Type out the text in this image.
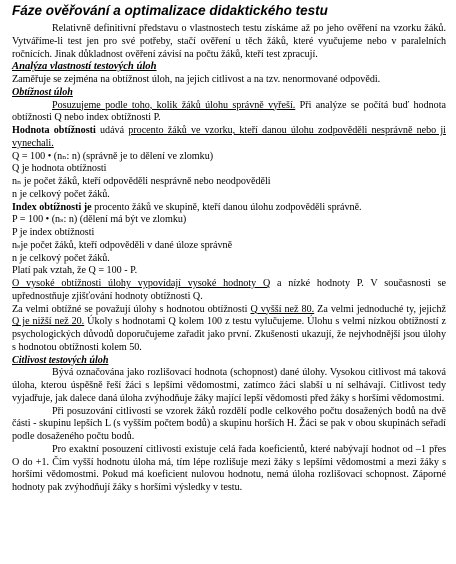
Fáze ověřování a optimalizace didaktického testu

Relativně definitivní představu o vlastnostech testu získáme až po jeho ověření na vzorku žáků. Vytváříme-li test jen pro své potřeby, stačí ověření u těch žáků, které vyučujeme nebo v paralelních ročnících. Jinak důkladnost ověření závisí na počtu žáků, kteří test zpracují.

Analýza vlastností testových úloh

Zaměřuje se zejména na obtížnost úloh, na jejich citlivost a na tzv. nenormované odpovědi.

Obtížnost úloh

Posuzujeme podle toho, kolik žáků úlohu správně vyřeší. Při analýze se počítá buď hodnota obtížnosti Q nebo index obtížnosti P.

Hodnota obtížnosti udává procento žáků ve vzorku, kteří danou úlohu zodpověděli nesprávně nebo ji vynechali.

Q = 100 • (nₙ: n) (správně je to dělení ve zlomku)

Q je hodnota obtížnosti

nₙ je počet žáků, kteří odpověděli nesprávně nebo neodpověděli

n je celkový počet žáků.

Index obtížnosti je procento žáků ve skupině, kteří danou úlohu zodpověděli správně.

P = 100 • (nₛ: n) (dělení má být ve zlomku)

P je index obtížnosti

nₛje počet žáků, kteří odpověděli v dané úloze správně

n je celkový počet žáků.

Platí pak vztah, že Q = 100 - P.

O vysoké obtížnosti úlohy vypovídají vysoké hodnoty Q a nízké hodnoty P. V současnosti se upřednostňuje zjišťování hodnoty obtížnosti Q.

Za velmi obtížné se považují úlohy s hodnotou obtížnosti Q vyšší než 80. Za velmi jednoduché ty, jejichž Q je nižší než 20. Úkoly s hodnotami Q kolem 100 z testu vylučujeme. Úlohu s velmi nízkou obtížností z psychologických důvodů doporučujeme zařadit jako první. Zkušenosti ukazují, že nejvhodnější jsou úlohy s hodnotou obtížnosti kolem 50.

Citlivost testových úloh

Bývá označována jako rozlišovací hodnota (schopnost) dané úlohy. Vysokou citlivost má taková úloha, kterou úspěšně řeší žáci s lepšími vědomostmi, zatímco žáci slabší u ní selhávají. Citlivost tedy vyjadřuje, jak dalece daná úloha zvýhodňuje žáky mající lepší vědomosti před žáky s horšími vědomostmi.

Při posuzování citlivosti se vzorek žáků rozdělí podle celkového počtu dosažených bodů na dvě části - skupinu lepších L (s vyšším počtem bodů) a skupinu horších H. Žáci se pak v obou skupinách seřadí podle dosaženého počtu bodů.

Pro exaktní posouzení citlivosti existuje celá řada koeficientů, které nabývají hodnot od –1 přes O do +1. Čím vyšší hodnotu úloha má, tím lépe rozlišuje mezi žáky s lepšími vědomostmi a mezi žáky s horšími vědomostmi. Pokud má koeficient nulovou hodnotu, nemá úloha rozlišovací schopnost. Záporné hodnoty pak zvýhodňují žáky s horšími výsledky v testu.
